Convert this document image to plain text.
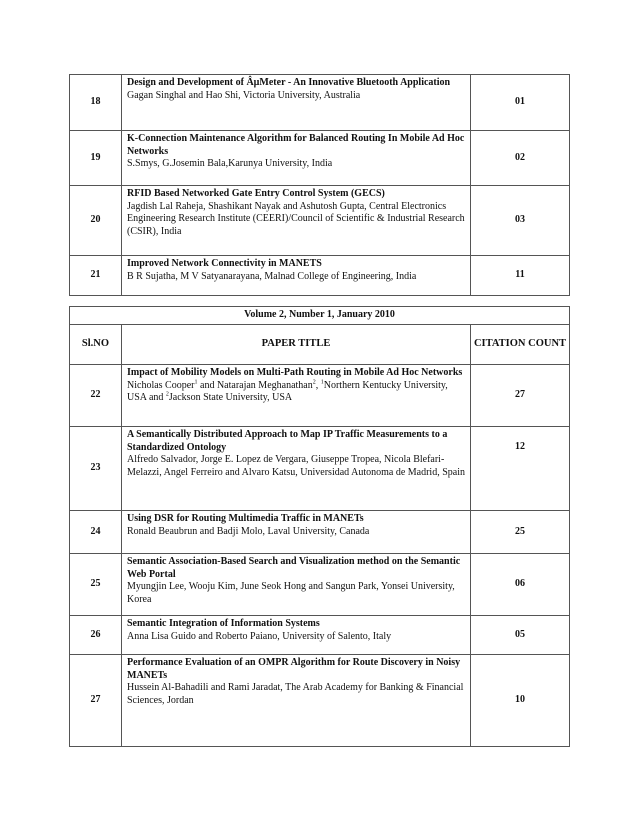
18	Design and Development of ÂµMeter - An Innovative Bluetooth Application
Gagan Singhal and Hao Shi, Victoria University, Australia	01
19	K-Connection Maintenance Algorithm for Balanced Routing In Mobile Ad Hoc Networks
S.Smys, G.Josemin Bala,Karunya University, India	02
20	RFID Based Networked Gate Entry Control System (GECS)
Jagdish Lal Raheja, Shashikant Nayak and Ashutosh Gupta, Central Electronics Engineering Research Institute (CEERI)/Council of Scientific & Industrial Research (CSIR), India	03
21	Improved Network Connectivity in MANETS
B R Sujatha, M V Satyanarayana, Malnad College of Engineering, India	11
Volume 2, Number 1, January 2010		
Sl.NO	PAPER TITLE	CITATION COUNT
22	Impact of Mobility Models on Multi-Path Routing in Mobile Ad Hoc Networks
Nicholas Cooper$^1$ and Natarajan Meghanathan$^2$, $^1$Northern Kentucky University, USA and $^2$Jackson State University, USA	27
23	A Semantically Distributed Approach to Map IP Traffic Measurements to a Standardized Ontology
Alfredo Salvador, Jorge E. Lopez de Vergara, Giuseppe Tropea, Nicola Blefari-Melazzi, Angel Ferreiro and Alvaro Katsu, Universidad Autonoma de Madrid, Spain	12
24	Using DSR for Routing Multimedia Traffic in MANETs
Ronald Beaubrun and Badji Molo, Laval University, Canada	25
25	Semantic Association-Based Search and Visualization method on the Semantic Web Portal
Myungjin Lee, Wooju Kim, June Seok Hong and Sangun Park, Yonsei University, Korea	06
26	Semantic Integration of Information Systems
Anna Lisa Guido and Roberto Paiano, University of Salento, Italy	05
27	Performance Evaluation of an OMPR Algorithm for Route Discovery in Noisy MANETs
Hussein Al-Bahadili and Rami Jaradat, The Arab Academy for Banking & Financial Sciences, Jordan	10
